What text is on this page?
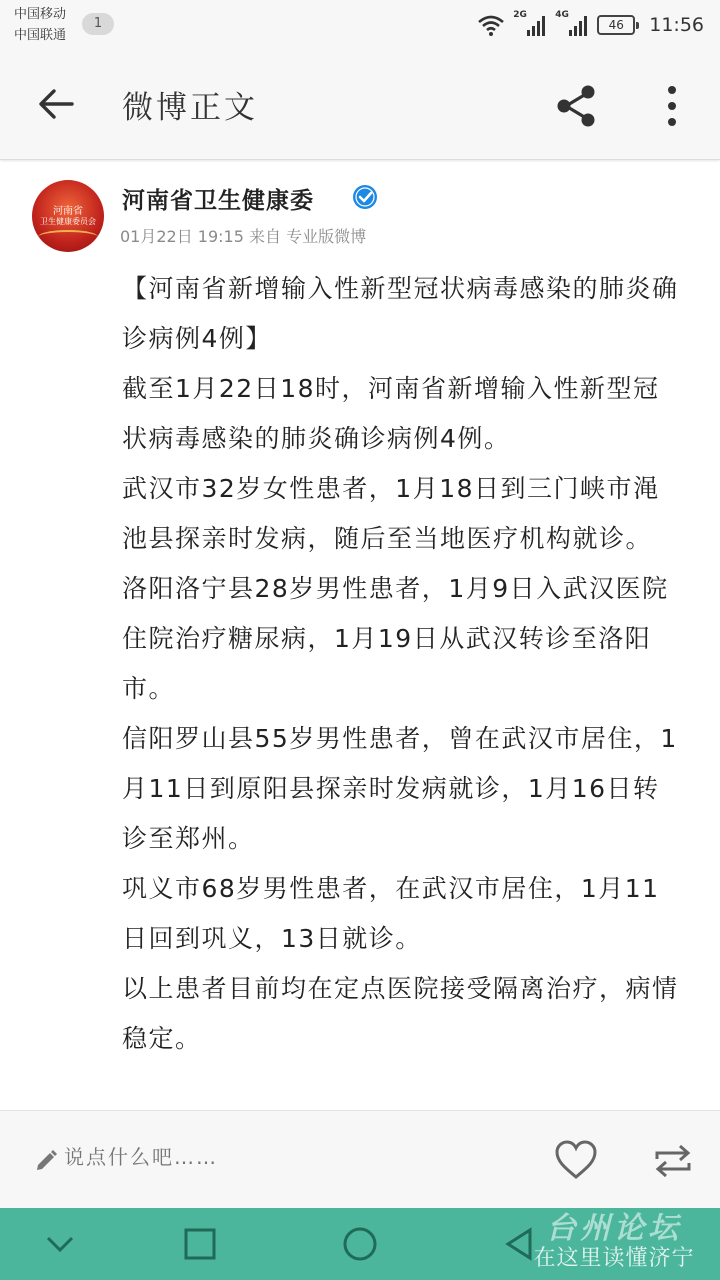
中国移动
中国联通
1
2G	4G
46	11:56
微博正文
河南省
卫生健康委员会
河南省卫生健康委
01月22日 19:15 来自 专业版微博

【河南省新增输入性新型冠状病毒感染的肺炎确诊病例4例】

截至1月22日18时，河南省新增输入性新型冠状病毒感染的肺炎确诊病例4例。

武汉市32岁女性患者，1月18日到三门峡市渑池县探亲时发病，随后至当地医疗机构就诊。

洛阳洛宁县28岁男性患者，1月9日入武汉医院住院治疗糖尿病，1月19日从武汉转诊至洛阳市。

信阳罗山县55岁男性患者，曾在武汉市居住，1月11日到原阳县探亲时发病就诊，1月16日转诊至郑州。

巩义市68岁男性患者，在武汉市居住，1月11日回到巩义，13日就诊。

以上患者目前均在定点医院接受隔离治疗，病情稳定。

说点什么吧……
台州论坛
在这里读懂济宁
